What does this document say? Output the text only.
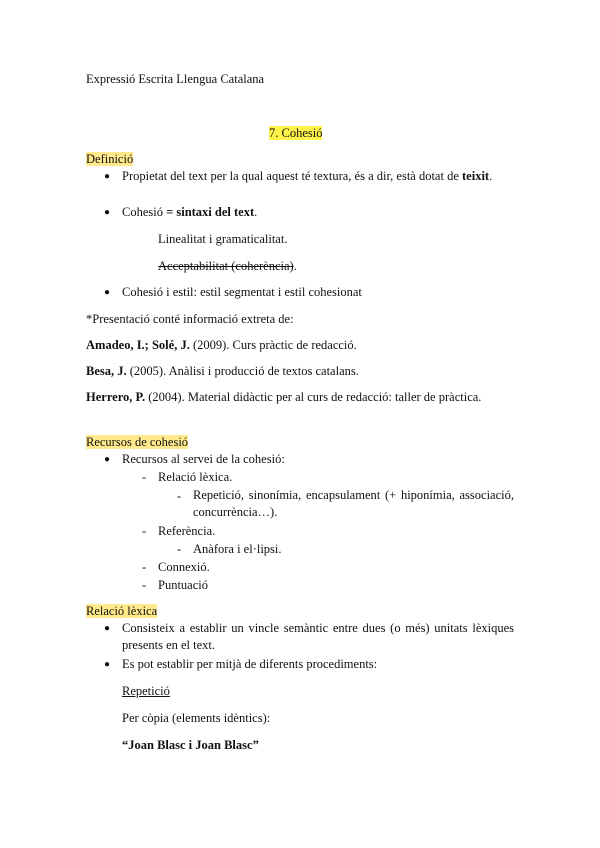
Expressió Escrita Llengua Catalana
7. Cohesió
Definició
● Propietat del text per la qual aquest té textura, és a dir, està dotat de teixit.
● Cohesió = sintaxi del text.
Linealitat i gramaticalitat.
Acceptabilitat (coherència).
● Cohesió i estil: estil segmentat i estil cohesionat
*Presentació conté informació extreta de:
Amadeo, I.; Solé, J. (2009). Curs pràctic de redacció.
Besa, J. (2005). Anàlisi i producció de textos catalans.
Herrero, P. (2004). Material didàctic per al curs de redacció: taller de pràctica.
Recursos de cohesió
● Recursos al servei de la cohesió:
- Relació lèxica.
- Repetició, sinonímia, encapsulament (+ hiponímia, associació, concurrència…).
- Referència.
- Anàfora i el·lipsi.
- Connexió.
- Puntuació
Relació lèxica
● Consisteix a establir un vincle semàntic entre dues (o més) unitats lèxiques presents en el text.
● Es pot establir per mitjà de diferents procediments:
Repetició
Per còpia (elements idèntics):
“Joan Blasc i Joan Blasc”
